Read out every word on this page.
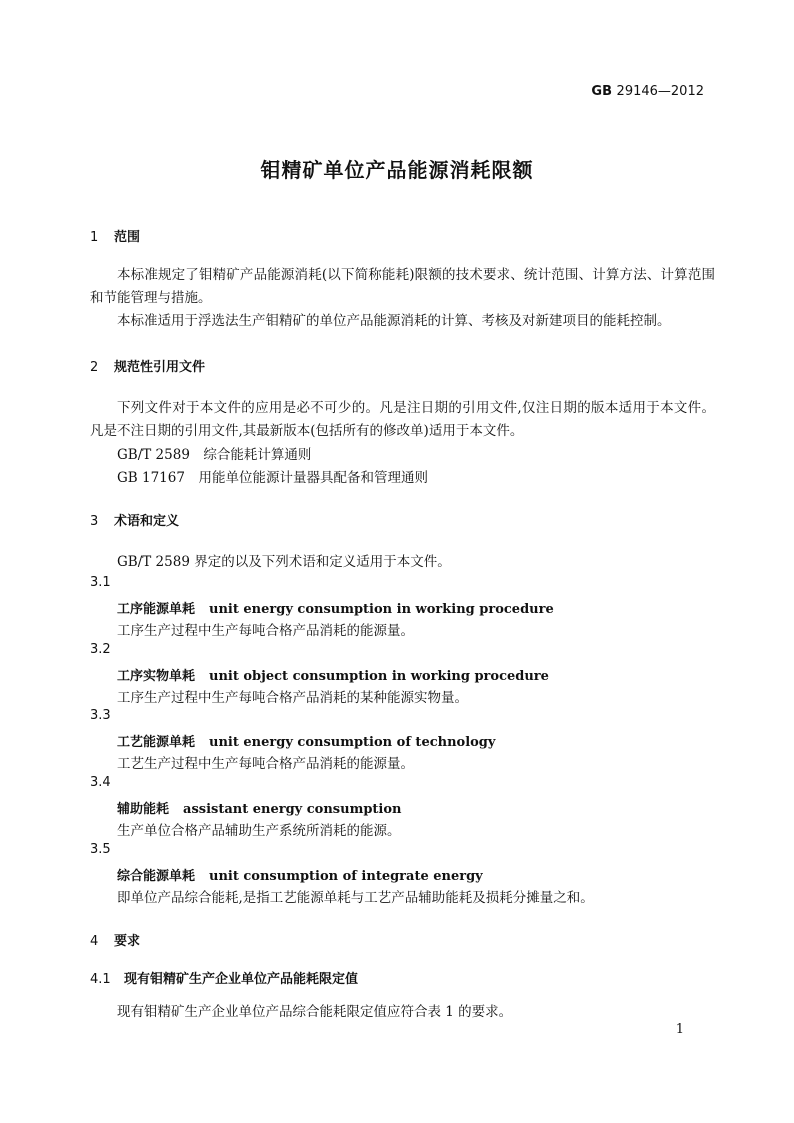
GB 29146—2012
钼精矿单位产品能源消耗限额
1 范围

本标准规定了钼精矿产品能源消耗(以下简称能耗)限额的技术要求、统计范围、计算方法、计算范围和节能管理与措施。

本标准适用于浮选法生产钼精矿的单位产品能源消耗的计算、考核及对新建项目的能耗控制。

2 规范性引用文件

下列文件对于本文件的应用是必不可少的。凡是注日期的引用文件,仅注日期的版本适用于本文件。凡是不注日期的引用文件,其最新版本(包括所有的修改单)适用于本文件。

GB/T 2589　综合能耗计算通则
GB 17167　用能单位能源计量器具配备和管理通则
3 术语和定义
GB/T 2589 界定的以及下列术语和定义适用于本文件。
3.1
工序能源单耗 unit energy consumption in working procedure
工序生产过程中生产每吨合格产品消耗的能源量。
3.2
工序实物单耗 unit object consumption in working procedure
工序生产过程中生产每吨合格产品消耗的某种能源实物量。
3.3
工艺能源单耗 unit energy consumption of technology
工艺生产过程中生产每吨合格产品消耗的能源量。
3.4
辅助能耗 assistant energy consumption
生产单位合格产品辅助生产系统所消耗的能源。
3.5
综合能源单耗 unit consumption of integrate energy
即单位产品综合能耗,是指工艺能源单耗与工艺产品辅助能耗及损耗分摊量之和。
4 要求
4.1 现有钼精矿生产企业单位产品能耗限定值
现有钼精矿生产企业单位产品综合能耗限定值应符合表 1 的要求。
1
